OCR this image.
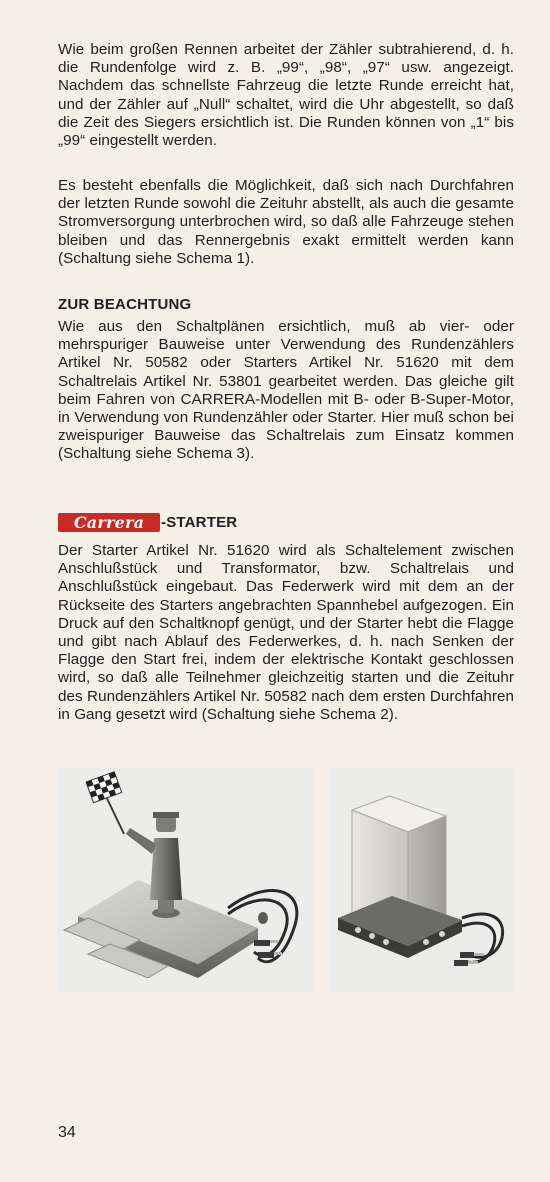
Wie beim großen Rennen arbeitet der Zähler subtrahierend, d. h. die Rundenfolge wird z. B. „99“, „98“, „97“ usw. angezeigt. Nachdem das schnellste Fahrzeug die letzte Runde erreicht hat, und der Zähler auf „Null“ schaltet, wird die Uhr abgestellt, so daß die Zeit des Siegers ersichtlich ist. Die Runden können von „1“ bis „99“ eingestellt werden.

Es besteht ebenfalls die Möglichkeit, daß sich nach Durchfahren der letzten Runde sowohl die Zeituhr abstellt, als auch die gesamte Stromversorgung unterbrochen wird, so daß alle Fahrzeuge stehen bleiben und das Rennergebnis exakt ermittelt werden kann (Schaltung siehe Schema 1).

ZUR BEACHTUNG

Wie aus den Schaltplänen ersichtlich, muß ab vier- oder mehrspuriger Bauweise unter Verwendung des Rundenzählers Artikel Nr. 50582 oder Starters Artikel Nr. 51620 mit dem Schaltrelais Artikel Nr. 53801 gearbeitet werden. Das gleiche gilt beim Fahren von CARRERA-Modellen mit B- oder B-Super-Motor, in Verwendung von Rundenzähler oder Starter. Hier muß schon bei zweispuriger Bauweise das Schaltrelais zum Einsatz kommen (Schaltung siehe Schema 3).

Carrera -STARTER

Der Starter Artikel Nr. 51620 wird als Schaltelement zwischen Anschlußstück und Transformator, bzw. Schaltrelais und Anschlußstück eingebaut. Das Federwerk wird mit dem an der Rückseite des Starters angebrachten Spannhebel aufgezogen. Ein Druck auf den Schaltknopf genügt, und der Starter hebt die Flagge und gibt nach Ablauf des Federwerkes, d. h. nach Senken der Flagge den Start frei, indem der elektrische Kontakt geschlossen wird, so daß alle Teilnehmer gleichzeitig starten und die Zeituhr des Rundenzählers Artikel Nr. 50582 nach dem ersten Durchfahren in Gang gesetzt wird (Schaltung siehe Schema 2).

34
